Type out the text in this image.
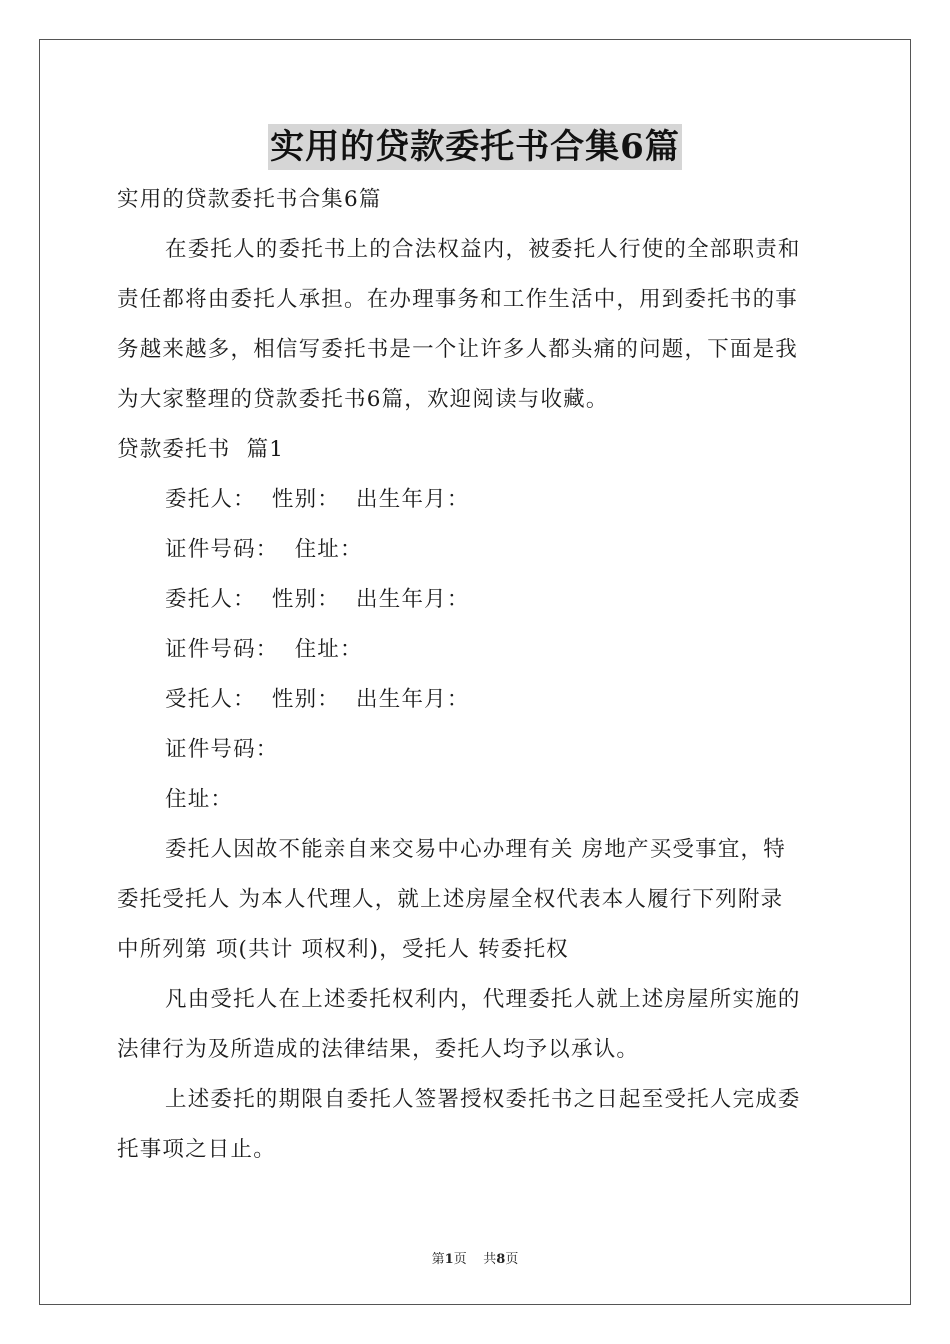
实用的贷款委托书合集6篇

实用的贷款委托书合集6篇

在委托人的委托书上的合法权益内，被委托人行使的全部职责和

责任都将由委托人承担。在办理事务和工作生活中，用到委托书的事

务越来越多，相信写委托书是一个让许多人都头痛的问题，下面是我

为大家整理的贷款委托书6篇，欢迎阅读与收藏。

贷款委托书  篇1

委托人：  性别：  出生年月：

证件号码：  住址：

委托人：  性别：  出生年月：

证件号码：  住址：

受托人：  性别：  出生年月：

证件号码：

住址：

委托人因故不能亲自来交易中心办理有关 房地产买受事宜，特

委托受托人 为本人代理人，就上述房屋全权代表本人履行下列附录

中所列第 项(共计 项权利)，受托人 转委托权

凡由受托人在上述委托权利内，代理委托人就上述房屋所实施的

法律行为及所造成的法律结果，委托人均予以承认。

上述委托的期限自委托人签署授权委托书之日起至受托人完成委

托事项之日止。

第1页 共8页
